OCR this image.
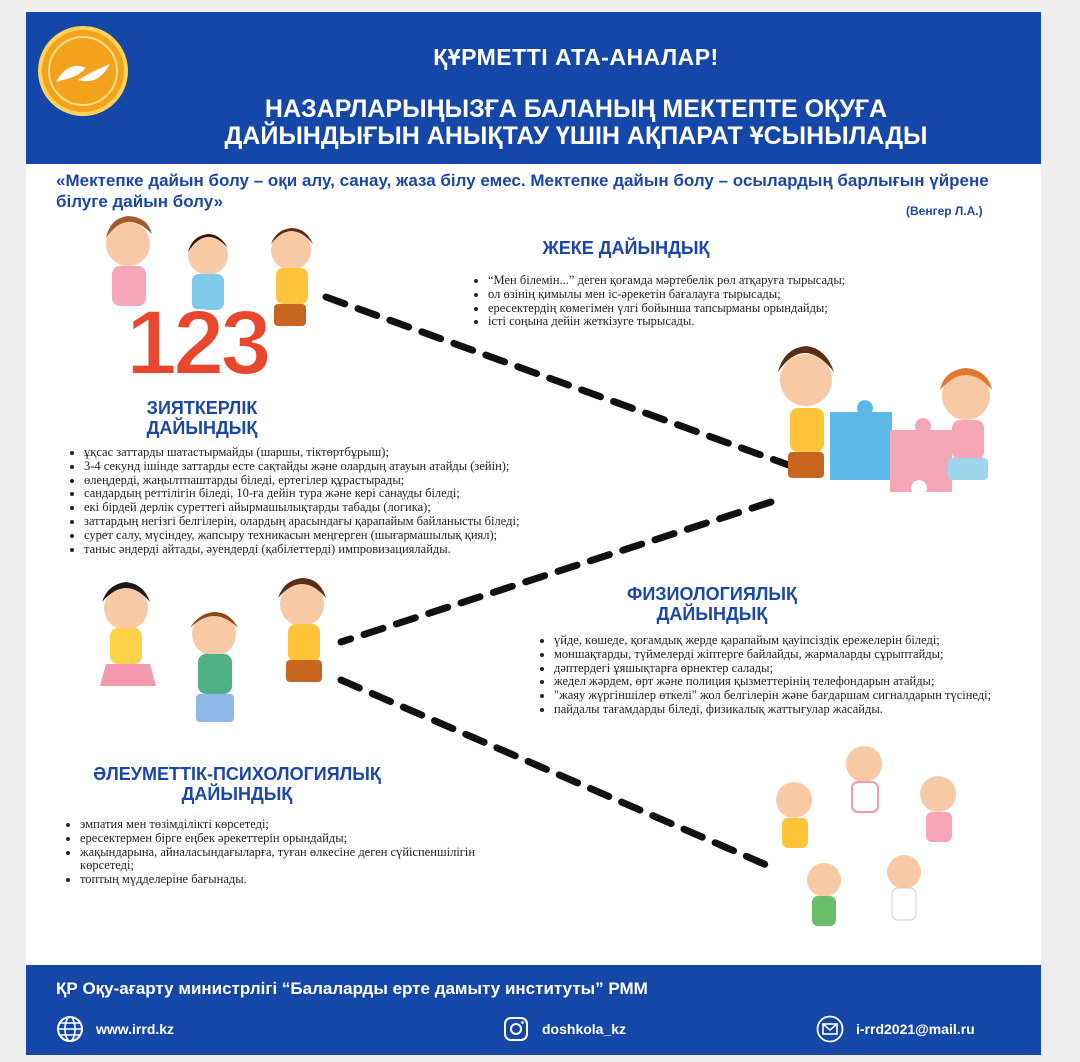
ҚҰРМЕТТІ АТА-АНАЛАР!
НАЗАРЛАРЫҢЫЗҒА БАЛАНЫҢ МЕКТЕПТЕ ОҚУҒА
ДАЙЫНДЫҒЫН АНЫҚТАУ ҮШІН АҚПАРАТ ҰСЫНЫЛАДЫ
«Мектепке дайын болу – оқи алу, санау, жаза білу емес. Мектепке дайын болу – осылардың барлығын үйрене білуге дайын болу»	(Венгер Л.А.)
123
ЖЕКЕ ДАЙЫНДЫҚ
• “Мен білемін...” деген қоғамда мәртебелік рөл атқаруға тырысады;
• ол өзінің қимылы мен іс-әрекетін бағалауға тырысады;
• ересектердің көмегімен үлгі бойынша тапсырманы орындайды;
• істі соңына дейін жеткізуге тырысады.
ЗИЯТКЕРЛІК
ДАЙЫНДЫҚ
• ұқсас заттарды шатастырмайды (шаршы, тіктөртбұрыш);
• 3-4 секунд ішінде заттарды есте сақтайды және олардың атауын атайды (зейін);
• өлеңдерді, жаңылтпаштарды біледі, ертегілер құрастырады;
• сандардың реттілігін біледі, 10-ға дейін тура және кері санауды біледі;
• екі бірдей дерлік суреттегі айырмашылықтарды табады (логика);
• заттардың негізгі белгілерін, олардың арасындағы қарапайым байланысты біледі;
• сурет салу, мүсіндеу, жапсыру техникасын меңгерген (шығармашылық қиял);
• таныс әндерді айтады, әуендерді (қабілеттерді) импровизациялайды.
ФИЗИОЛОГИЯЛЫҚ
ДАЙЫНДЫҚ
• үйде, көшеде, қоғамдық жерде қарапайым қауіпсіздік ережелерін біледі;
• моншақтарды, түймелерді жіптерге байлайды, жармаларды сұрыптайды;
• дәптердегі ұяшықтарға өрнектер салады;
• жедел жәрдем, өрт және полиция қызметтерінің телефондарын атайды;
• "жаяу жүргіншілер өткелі" жол белгілерін және бағдаршам сигналдарын түсінеді;
• пайдалы тағамдарды біледі, физикалық жаттығулар жасайды.
ӘЛЕУМЕТТІК-ПСИХОЛОГИЯЛЫҚ
ДАЙЫНДЫҚ
• эмпатия мен төзімділікті көрсетеді;
• ересектермен бірге еңбек әрекеттерін орындайды;
• жақындарына, айналасындағыларға, туған өлкесіне деген сүйіспеншілігін көрсетеді;
• топтың мүдделеріне бағынады.
ҚР Оқу-ағарту министрлігі “Балаларды ерте дамыту институты” РММ
www.irrd.kz	doshkola_kz	i-rrd2021@mail.ru
